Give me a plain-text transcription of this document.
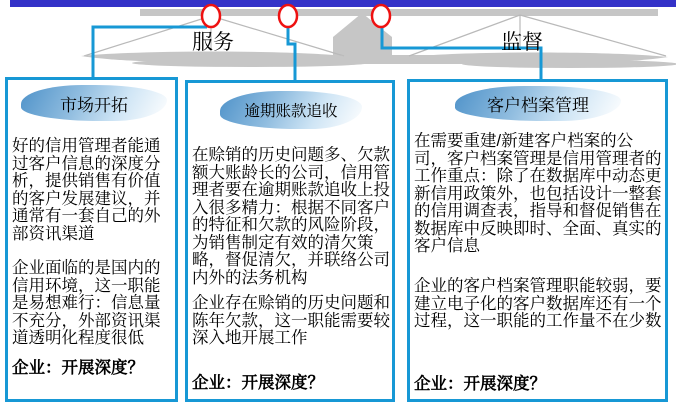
服务	监督
市场开拓

好的信用管理者能通过客户信息的深度分析，提供销售有价值的客户发展建议，并通常有一套自己的外部资讯渠道

企业面临的是国内的信用环境，这一职能是易想难行：信息量不充分，外部资讯渠道透明化程度很低

企业：开展深度？

逾期账款追收

在赊销的历史问题多、欠款额大账龄长的公司，信用管理者要在逾期账款追收上投入很多精力：根据不同客户的特征和欠款的风险阶段，为销售制定有效的清欠策略，督促清欠，并联络公司内外的法务机构

企业存在赊销的历史问题和陈年欠款，这一职能需要较深入地开展工作

企业：开展深度？

客户档案管理

在需要重建/新建客户档案的公司，客户档案管理是信用管理者的工作重点：除了在数据库中动态更新信用政策外，也包括设计一整套的信用调查表，指导和督促销售在数据库中反映即时、全面、真实的客户信息

企业的客户档案管理职能较弱，要建立电子化的客户数据库还有一个过程，这一职能的工作量不在少数

企业：开展深度？
